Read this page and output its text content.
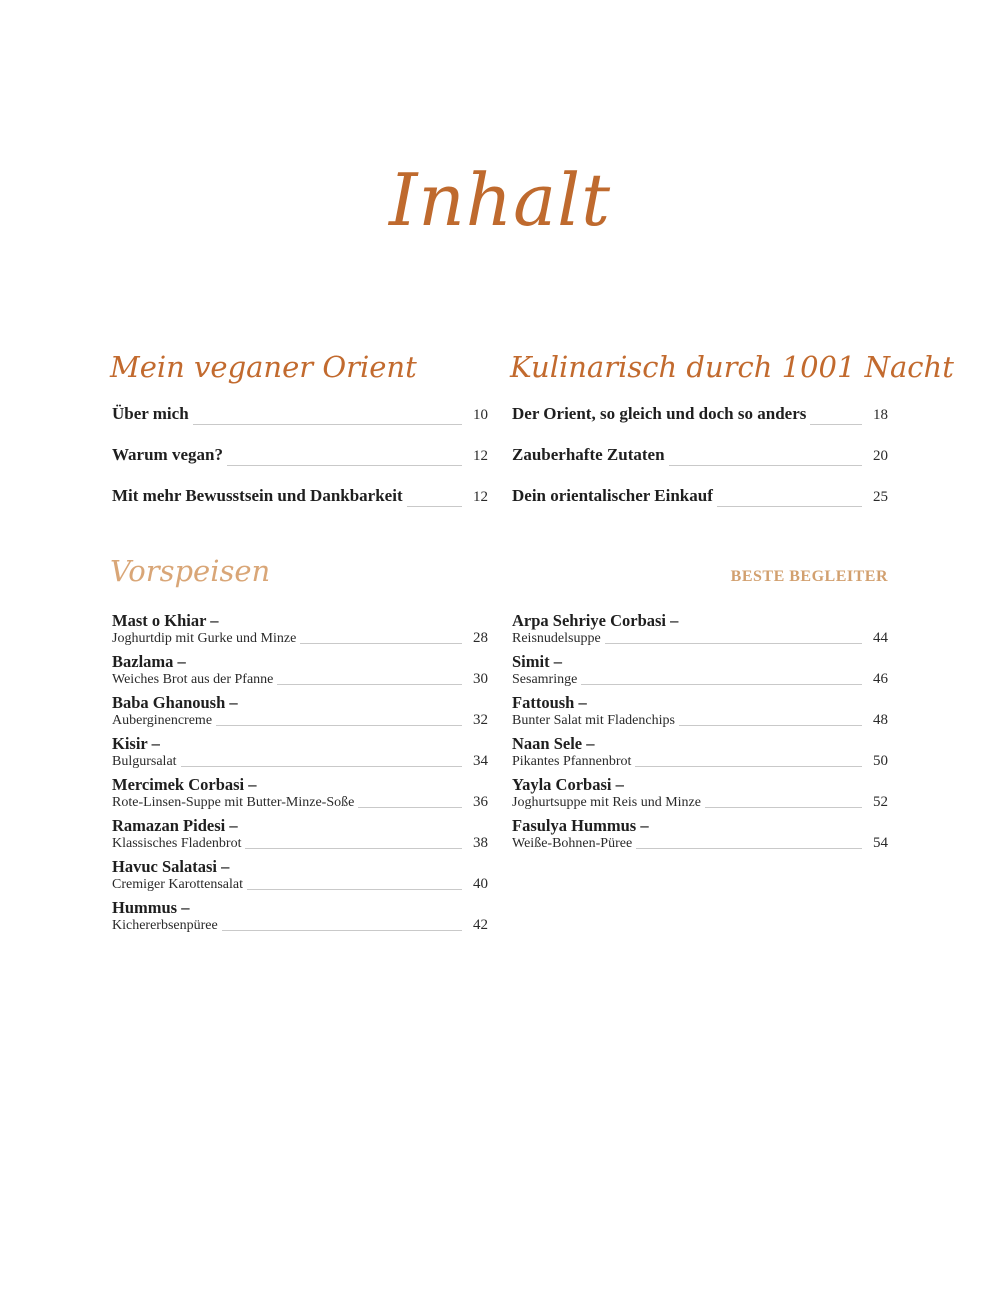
Inhalt
Mein veganer Orient
Über mich	10
Warum vegan?	12
Mit mehr Bewusstsein und Dankbarkeit	12
Vorspeisen
Mast o Khiar –
Joghurtdip mit Gurke und Minze	28
Bazlama –
Weiches Brot aus der Pfanne	30
Baba Ghanoush –
Auberginencreme	32
Kisir –
Bulgursalat	34
Mercimek Corbasi –
Rote-Linsen-Suppe mit Butter-Minze-Soße	36
Ramazan Pidesi –
Klassisches Fladenbrot	38
Havuc Salatasi –
Cremiger Karottensalat	40
Hummus –
Kichererbsenpüree	42
Kulinarisch durch 1001 Nacht
Der Orient, so gleich und doch so anders	18
Zauberhafte Zutaten	20
Dein orientalischer Einkauf	25
BESTE BEGLEITER
Arpa Sehriye Corbasi –
Reisnudelsuppe	44
Simit –
Sesamringe	46
Fattoush –
Bunter Salat mit Fladenchips	48
Naan Sele –
Pikantes Pfannenbrot	50
Yayla Corbasi –
Joghurtsuppe mit Reis und Minze	52
Fasulya Hummus –
Weiße-Bohnen-Püree	54
